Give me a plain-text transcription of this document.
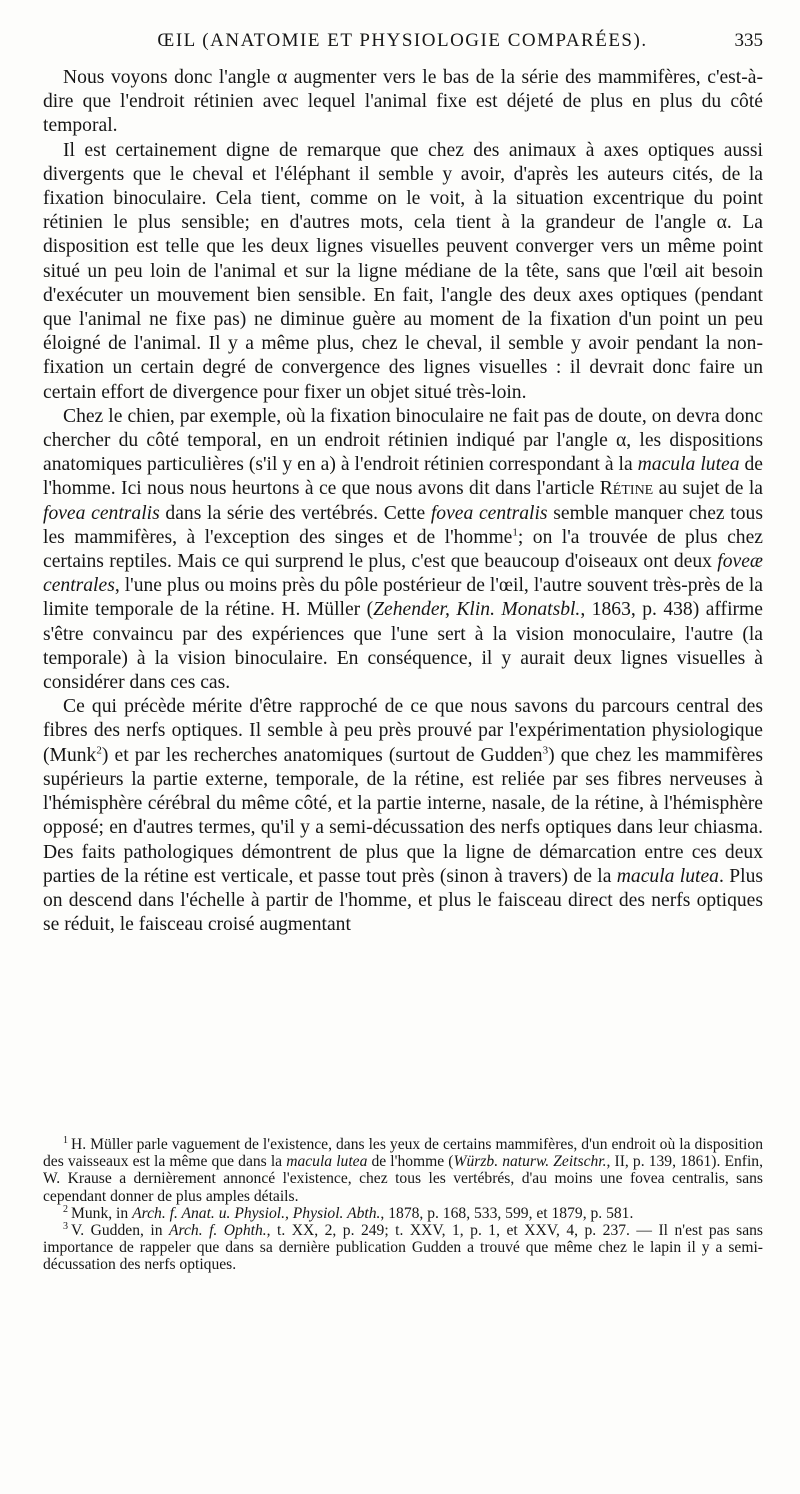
ŒIL (ANATOMIE ET PHYSIOLOGIE COMPARÉES).	335

Nous voyons donc l'angle α augmenter vers le bas de la série des mammifères, c'est-à-dire que l'endroit rétinien avec lequel l'animal fixe est déjeté de plus en plus du côté temporal.

Il est certainement digne de remarque que chez des animaux à axes optiques aussi divergents que le cheval et l'éléphant il semble y avoir, d'après les auteurs cités, de la fixation binoculaire. Cela tient, comme on le voit, à la situation excentrique du point rétinien le plus sensible; en d'autres mots, cela tient à la grandeur de l'angle α. La disposition est telle que les deux lignes visuelles peuvent converger vers un même point situé un peu loin de l'animal et sur la ligne médiane de la tête, sans que l'œil ait besoin d'exécuter un mouvement bien sensible. En fait, l'angle des deux axes optiques (pendant que l'animal ne fixe pas) ne diminue guère au moment de la fixation d'un point un peu éloigné de l'animal. Il y a même plus, chez le cheval, il semble y avoir pendant la non-fixation un certain degré de convergence des lignes visuelles : il devrait donc faire un certain effort de divergence pour fixer un objet situé très-loin.

Chez le chien, par exemple, où la fixation binoculaire ne fait pas de doute, on devra donc chercher du côté temporal, en un endroit rétinien indiqué par l'angle α, les dispositions anatomiques particulières (s'il y en a) à l'endroit rétinien correspondant à la macula lutea de l'homme. Ici nous nous heurtons à ce que nous avons dit dans l'article Rétine au sujet de la fovea centralis dans la série des vertébrés. Cette fovea centralis semble manquer chez tous les mammifères, à l'exception des singes et de l'homme$^1$; on l'a trouvée de plus chez certains reptiles. Mais ce qui surprend le plus, c'est que beaucoup d'oiseaux ont deux foveæ centrales, l'une plus ou moins près du pôle postérieur de l'œil, l'autre souvent très-près de la limite temporale de la rétine. H. Müller (Zehender, Klin. Monatsbl., 1863, p. 438) affirme s'être convaincu par des expériences que l'une sert à la vision monoculaire, l'autre (la temporale) à la vision binoculaire. En conséquence, il y aurait deux lignes visuelles à considérer dans ces cas.

Ce qui précède mérite d'être rapproché de ce que nous savons du parcours central des fibres des nerfs optiques. Il semble à peu près prouvé par l'expérimentation physiologique (Munk$^2$) et par les recherches anatomiques (surtout de Gudden$^3$) que chez les mammifères supérieurs la partie externe, temporale, de la rétine, est reliée par ses fibres nerveuses à l'hémisphère cérébral du même côté, et la partie interne, nasale, de la rétine, à l'hémisphère opposé; en d'autres termes, qu'il y a semi-décussation des nerfs optiques dans leur chiasma. Des faits pathologiques démontrent de plus que la ligne de démarcation entre ces deux parties de la rétine est verticale, et passe tout près (sinon à travers) de la macula lutea. Plus on descend dans l'échelle à partir de l'homme, et plus le faisceau direct des nerfs optiques se réduit, le faisceau croisé augmentant

$^1$ H. Müller parle vaguement de l'existence, dans les yeux de certains mammifères, d'un endroit où la disposition des vaisseaux est la même que dans la macula lutea de l'homme (Würzb. naturw. Zeitschr., II, p. 139, 1861). Enfin, W. Krause a dernièrement annoncé l'existence, chez tous les vertébrés, d'au moins une fovea centralis, sans cependant donner de plus amples détails.

$^2$ Munk, in Arch. f. Anat. u. Physiol., Physiol. Abth., 1878, p. 168, 533, 599, et 1879, p. 581.

$^3$ V. Gudden, in Arch. f. Ophth., t. XX, 2, p. 249; t. XXV, 1, p. 1, et XXV, 4, p. 237. — Il n'est pas sans importance de rappeler que dans sa dernière publication Gudden a trouvé que même chez le lapin il y a semi-décussation des nerfs optiques.
